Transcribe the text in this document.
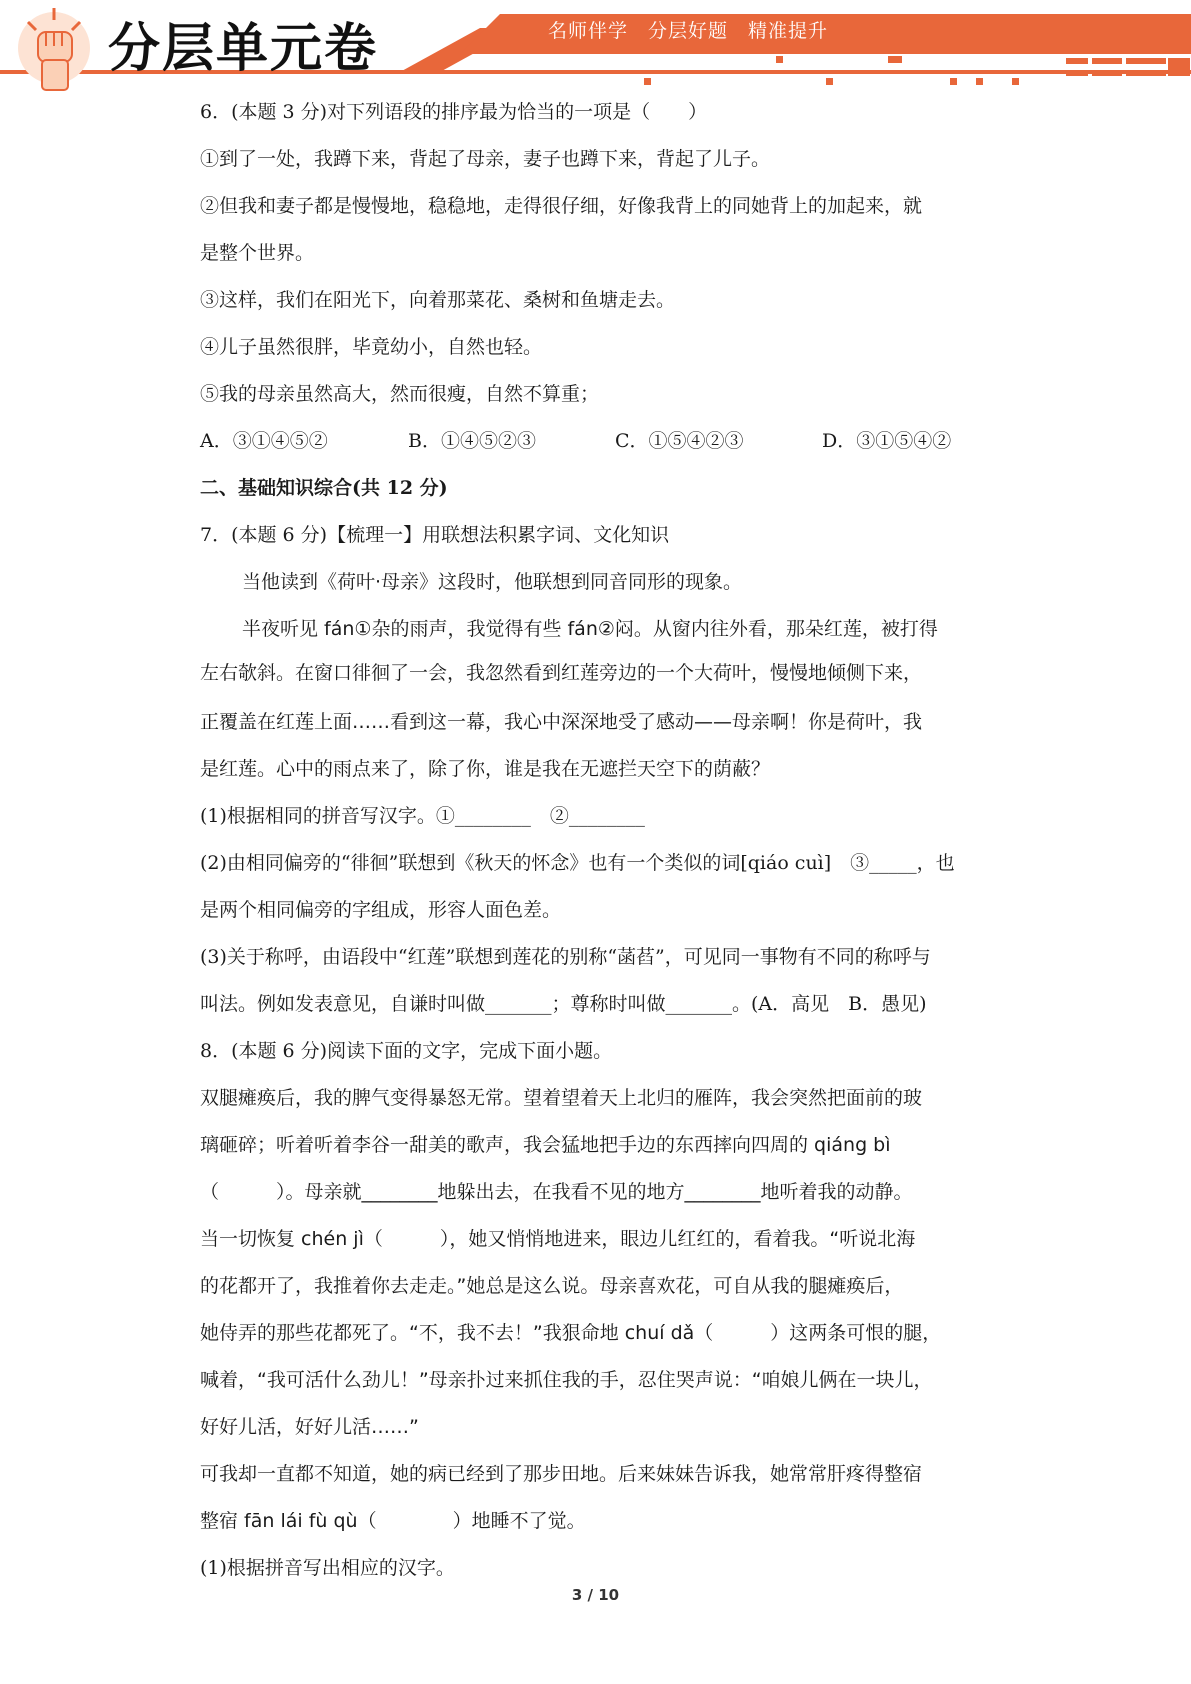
名师伴学　分层好题　精准提升
分层单元卷
6．(本题 3 分)对下列语段的排序最为恰当的一项是（　　）
①到了一处，我蹲下来，背起了母亲，妻子也蹲下来，背起了儿子。
②但我和妻子都是慢慢地，稳稳地，走得很仔细，好像我背上的同她背上的加起来，就
是整个世界。
③这样，我们在阳光下，向着那菜花、桑树和鱼塘走去。
④儿子虽然很胖，毕竟幼小，自然也轻。
⑤我的母亲虽然高大，然而很瘦，自然不算重；
A．③①④⑤②	B．①④⑤②③	C．①⑤④②③	D．③①⑤④②
二、基础知识综合(共 12 分)
7．(本题 6 分)【梳理一】用联想法积累字词、文化知识
当他读到《荷叶·母亲》这段时，他联想到同音同形的现象。
半夜听见 fán①杂的雨声，我觉得有些 fán②闷。从窗内往外看，那朵红莲，被打得
左右欹斜。在窗口徘徊了一会，我忽然看到红莲旁边的一个大荷叶，慢慢地倾侧下来，
正覆盖在红莲上面……看到这一幕，我心中深深地受了感动——母亲啊！你是荷叶，我
是红莲。心中的雨点来了，除了你，谁是我在无遮拦天空下的荫蔽？
(1)根据相同的拼音写汉字。①________　②________
(2)由相同偏旁的“徘徊”联想到《秋天的怀念》也有一个类似的词[qiáo cuì]　③_____，也
是两个相同偏旁的字组成，形容人面色差。
(3)关于称呼，由语段中“红莲”联想到莲花的别称“菡萏”，可见同一事物有不同的称呼与
叫法。例如发表意见，自谦时叫做_______；尊称时叫做_______。(A．高见　B．愚见)
8．(本题 6 分)阅读下面的文字，完成下面小题。
双腿瘫痪后，我的脾气变得暴怒无常。望着望着天上北归的雁阵，我会突然把面前的玻
璃砸碎；听着听着李谷一甜美的歌声，我会猛地把手边的东西摔向四周的 qiáng bì
（　　　）。母亲就________地躲出去，在我看不见的地方________地听着我的动静。
当一切恢复 chén jì（　　　），她又悄悄地进来，眼边儿红红的，看着我。“听说北海
的花都开了，我推着你去走走。”她总是这么说。母亲喜欢花，可自从我的腿瘫痪后，
她侍弄的那些花都死了。“不，我不去！”我狠命地 chuí dǎ（　　　）这两条可恨的腿，
喊着，“我可活什么劲儿！”母亲扑过来抓住我的手，忍住哭声说：“咱娘儿俩在一块儿，
好好儿活，好好儿活……”
可我却一直都不知道，她的病已经到了那步田地。后来妹妹告诉我，她常常肝疼得整宿
整宿 fān lái fù qù（　　　　）地睡不了觉。
(1)根据拼音写出相应的汉字。
3 / 10
